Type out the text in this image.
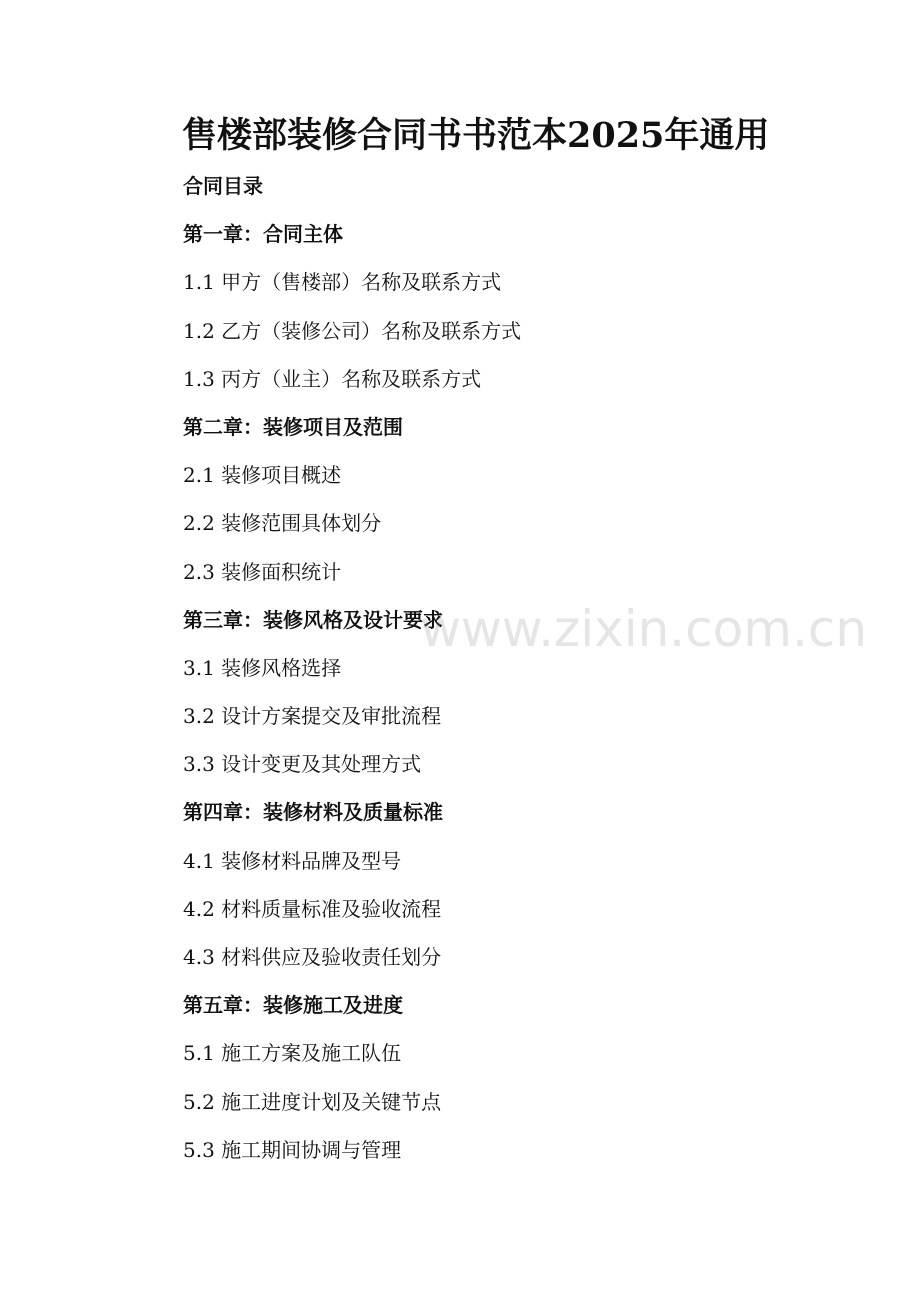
售楼部装修合同书书范本2025年通用
合同目录
第一章：合同主体
1.1 甲方（售楼部）名称及联系方式
1.2 乙方（装修公司）名称及联系方式
1.3 丙方（业主）名称及联系方式
第二章：装修项目及范围
2.1 装修项目概述
2.2 装修范围具体划分
2.3 装修面积统计
第三章：装修风格及设计要求
3.1 装修风格选择
3.2 设计方案提交及审批流程
3.3 设计变更及其处理方式
第四章：装修材料及质量标准
4.1 装修材料品牌及型号
4.2 材料质量标准及验收流程
4.3 材料供应及验收责任划分
第五章：装修施工及进度
5.1 施工方案及施工队伍
5.2 施工进度计划及关键节点
5.3 施工期间协调与管理
www.zixin.com.cn
